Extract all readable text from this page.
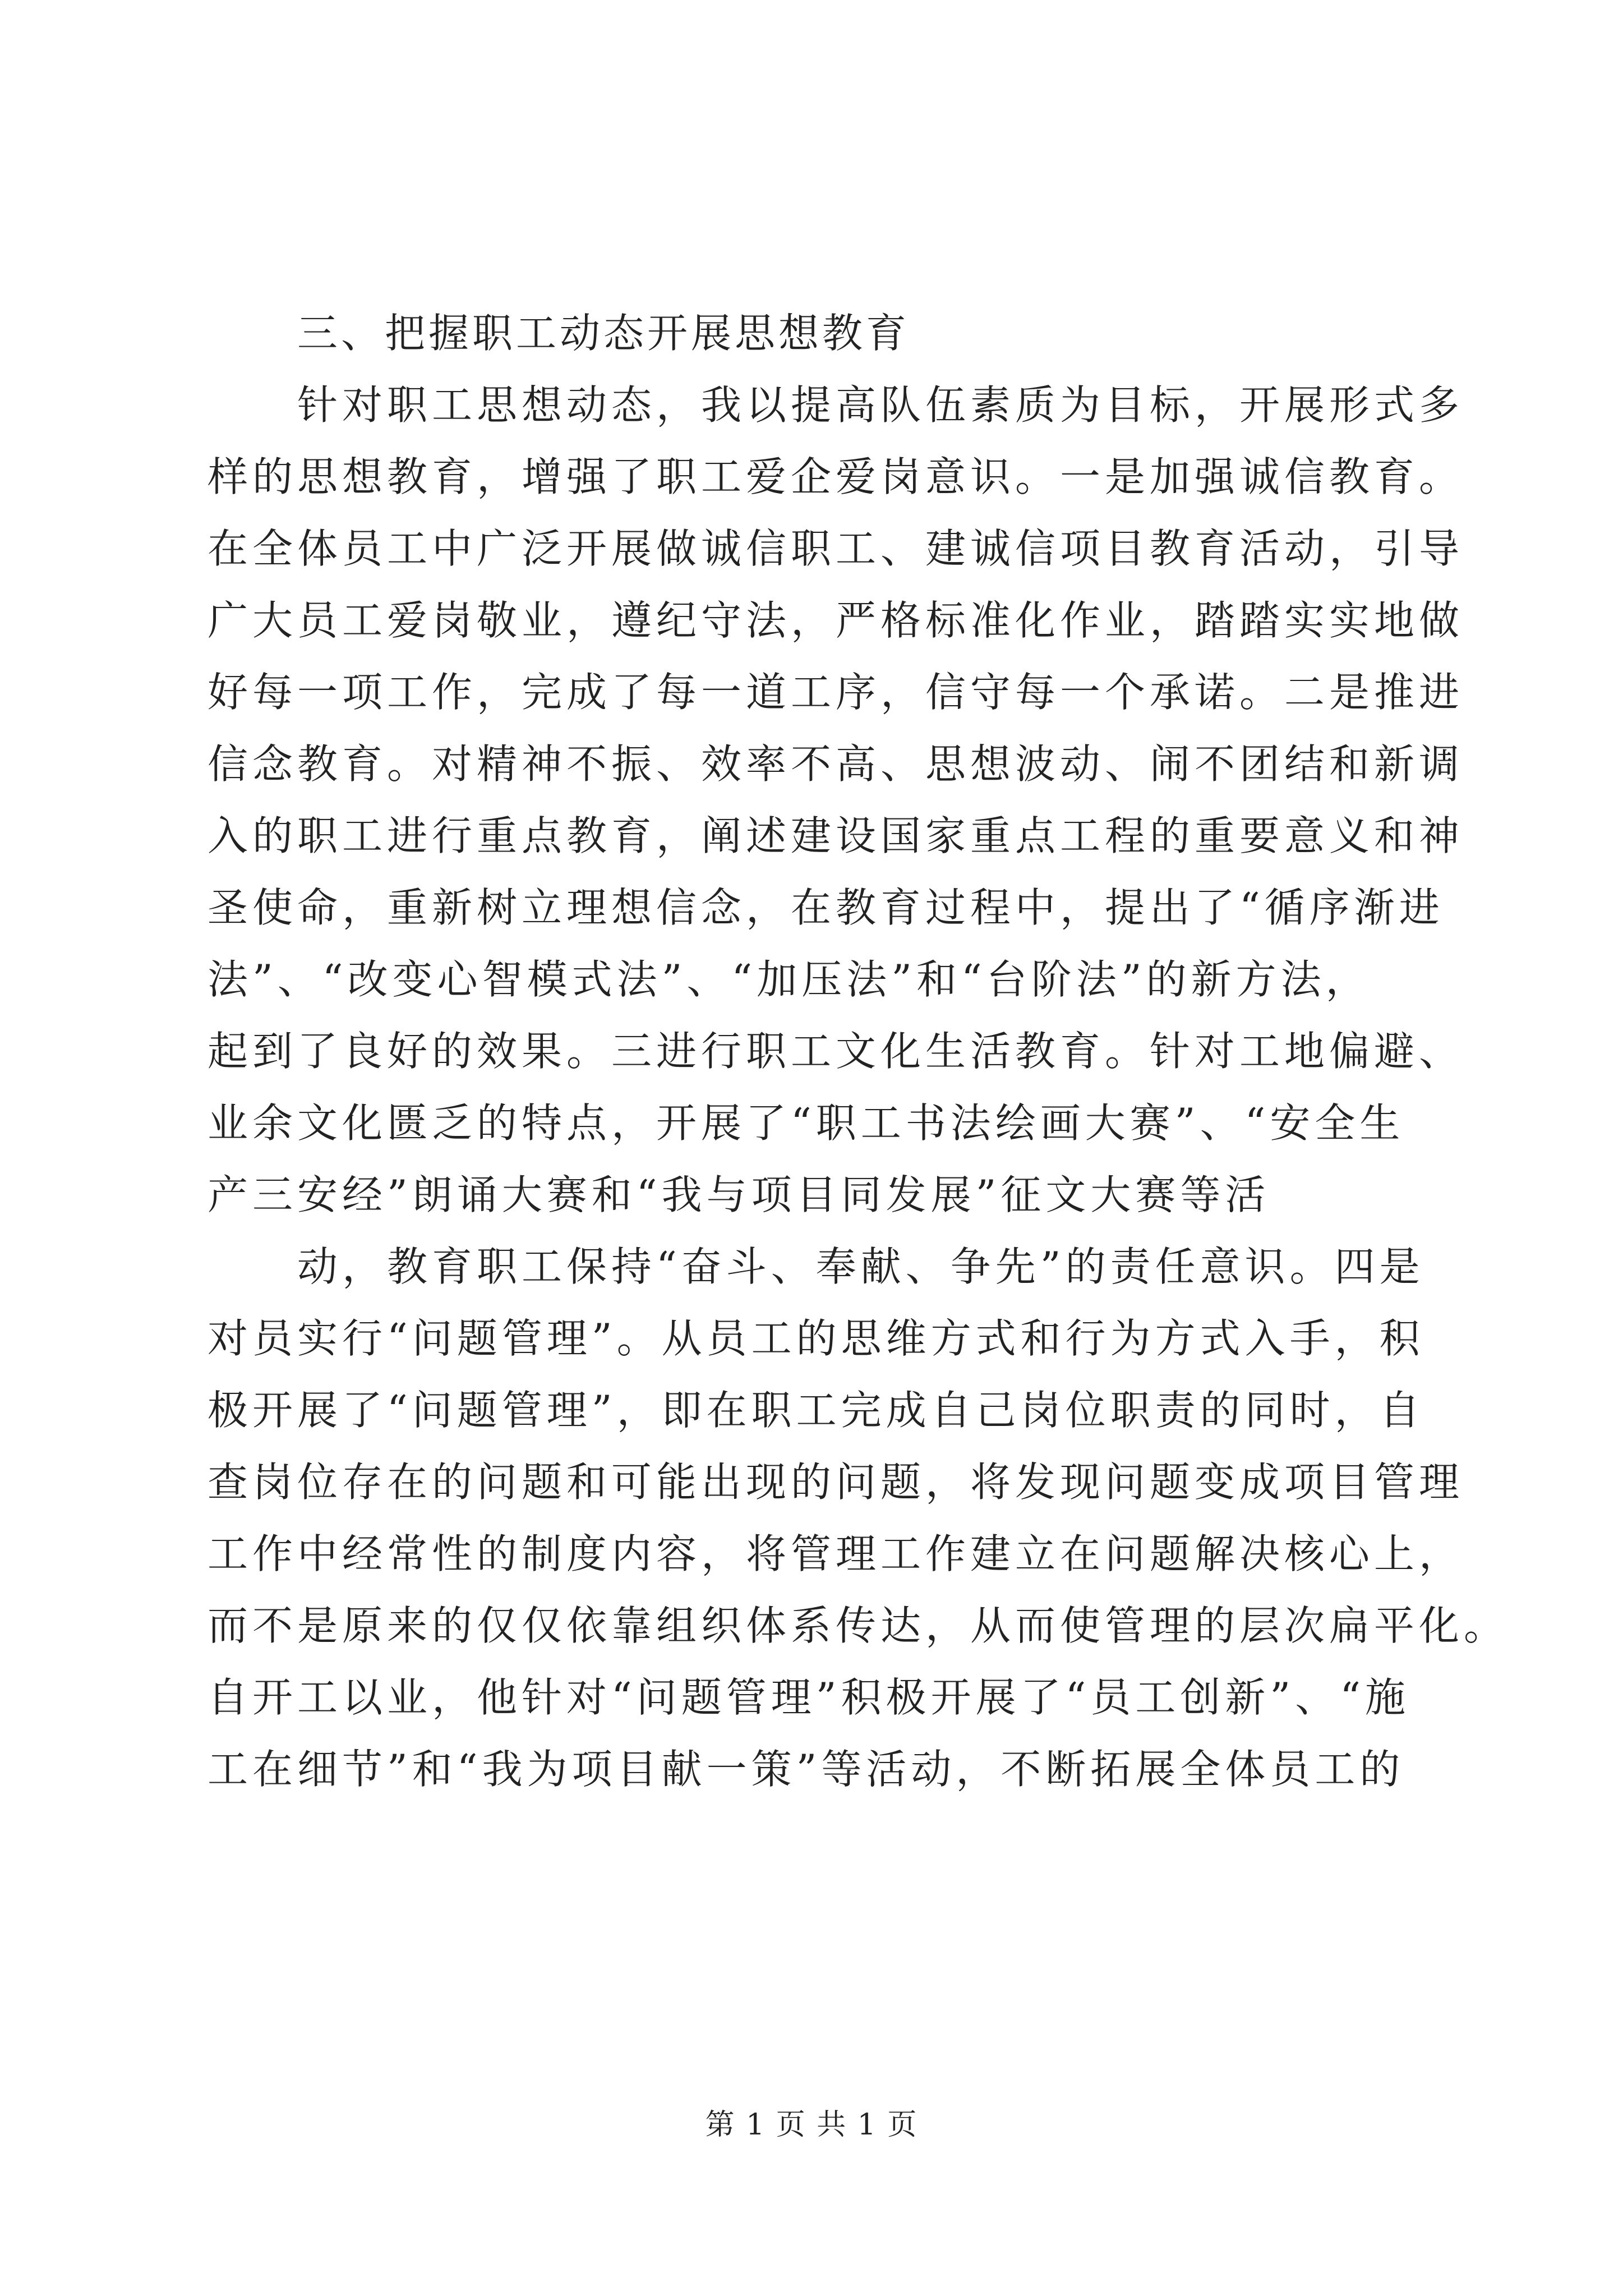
三、把握职工动态开展思想教育
针对职工思想动态，我以提高队伍素质为目标，开展形式多
样的思想教育，增强了职工爱企爱岗意识。一是加强诚信教育。
在全体员工中广泛开展做诚信职工、建诚信项目教育活动，引导
广大员工爱岗敬业，遵纪守法，严格标准化作业，踏踏实实地做
好每一项工作，完成了每一道工序，信守每一个承诺。二是推进
信念教育。对精神不振、效率不高、思想波动、闹不团结和新调
入的职工进行重点教育，阐述建设国家重点工程的重要意义和神
圣使命，重新树立理想信念，在教育过程中，提出了“循序渐进
法”、“改变心智模式法”、“加压法”和“台阶法”的新方法，
起到了良好的效果。三进行职工文化生活教育。针对工地偏避、
业余文化匮乏的特点，开展了“职工书法绘画大赛”、“安全生
产三安经”朗诵大赛和“我与项目同发展”征文大赛等活
动，教育职工保持“奋斗、奉献、争先”的责任意识。四是
对员实行“问题管理”。从员工的思维方式和行为方式入手，积
极开展了“问题管理”，即在职工完成自己岗位职责的同时，自
查岗位存在的问题和可能出现的问题，将发现问题变成项目管理
工作中经常性的制度内容，将管理工作建立在问题解决核心上，
而不是原来的仅仅依靠组织体系传达，从而使管理的层次扁平化。
自开工以业，他针对“问题管理”积极开展了“员工创新”、“施
工在细节”和“我为项目献一策”等活动，不断拓展全体员工的
第 1 页 共 1 页
